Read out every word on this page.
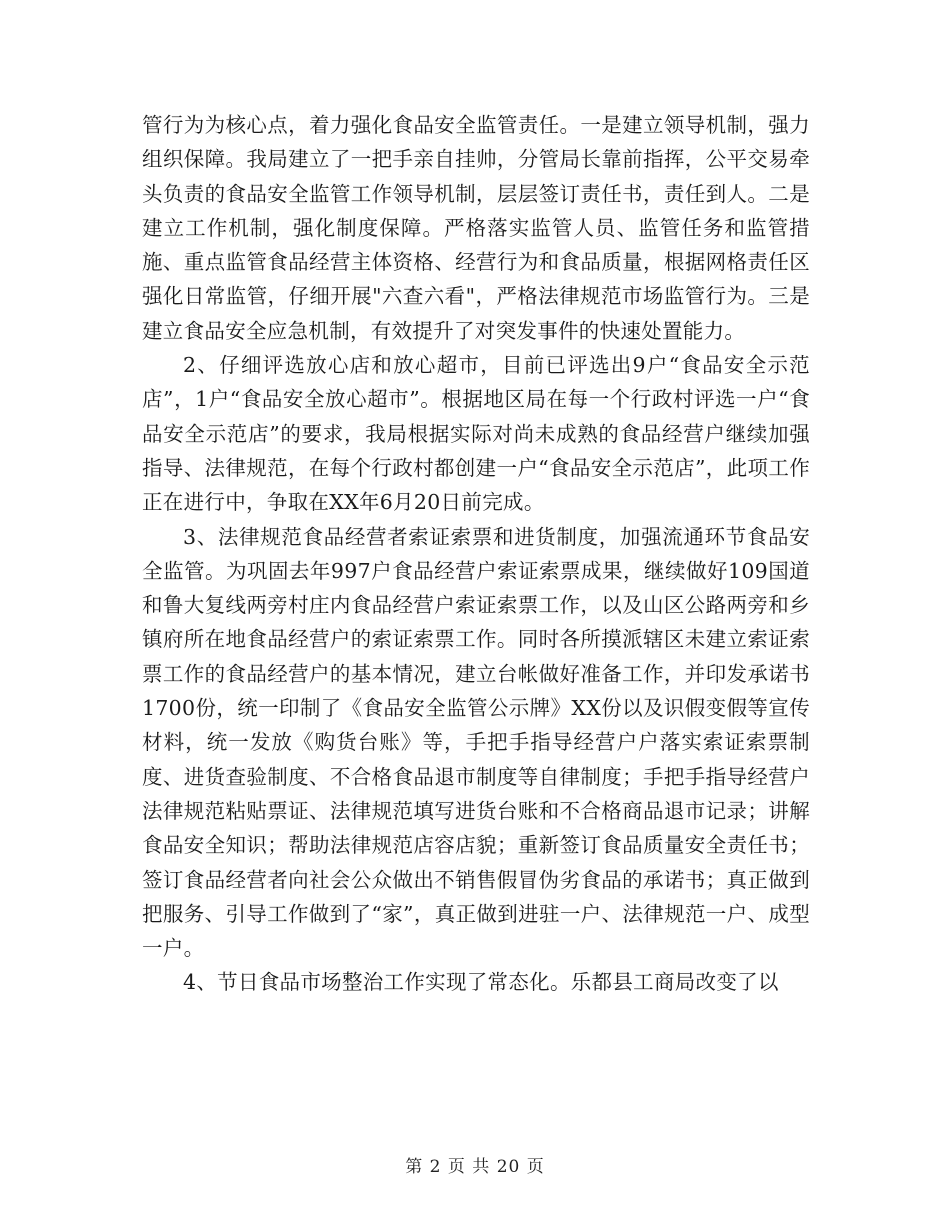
管行为为核心点，着力强化食品安全监管责任。一是建立领导机制，强力组织保障。我局建立了一把手亲自挂帅，分管局长靠前指挥，公平交易牵头负责的食品安全监管工作领导机制，层层签订责任书，责任到人。二是建立工作机制，强化制度保障。严格落实监管人员、监管任务和监管措施、重点监管食品经营主体资格、经营行为和食品质量，根据网格责任区强化日常监管，仔细开展"六查六看"，严格法律规范市场监管行为。三是建立食品安全应急机制，有效提升了对突发事件的快速处置能力。

2、仔细评选放心店和放心超市，目前已评选出9户“食品安全示范店”，1户“食品安全放心超市”。根据地区局在每一个行政村评选一户“食品安全示范店”的要求，我局根据实际对尚未成熟的食品经营户继续加强指导、法律规范，在每个行政村都创建一户“食品安全示范店”，此项工作正在进行中，争取在XX年6月20日前完成。

3、法律规范食品经营者索证索票和进货制度，加强流通环节食品安全监管。为巩固去年997户食品经营户索证索票成果，继续做好109国道和鲁大复线两旁村庄内食品经营户索证索票工作，以及山区公路两旁和乡镇府所在地食品经营户的索证索票工作。同时各所摸派辖区未建立索证索票工作的食品经营户的基本情况，建立台帐做好准备工作，并印发承诺书1700份，统一印制了《食品安全监管公示牌》XX份以及识假变假等宣传材料，统一发放《购货台账》等，手把手指导经营户户落实索证索票制度、进货查验制度、不合格食品退市制度等自律制度；手把手指导经营户法律规范粘贴票证、法律规范填写进货台账和不合格商品退市记录；讲解食品安全知识；帮助法律规范店容店貌；重新签订食品质量安全责任书；签订食品经营者向社会公众做出不销售假冒伪劣食品的承诺书；真正做到把服务、引导工作做到了“家”，真正做到进驻一户、法律规范一户、成型一户。

4、节日食品市场整治工作实现了常态化。乐都县工商局改变了以

第 2 页 共 20 页
